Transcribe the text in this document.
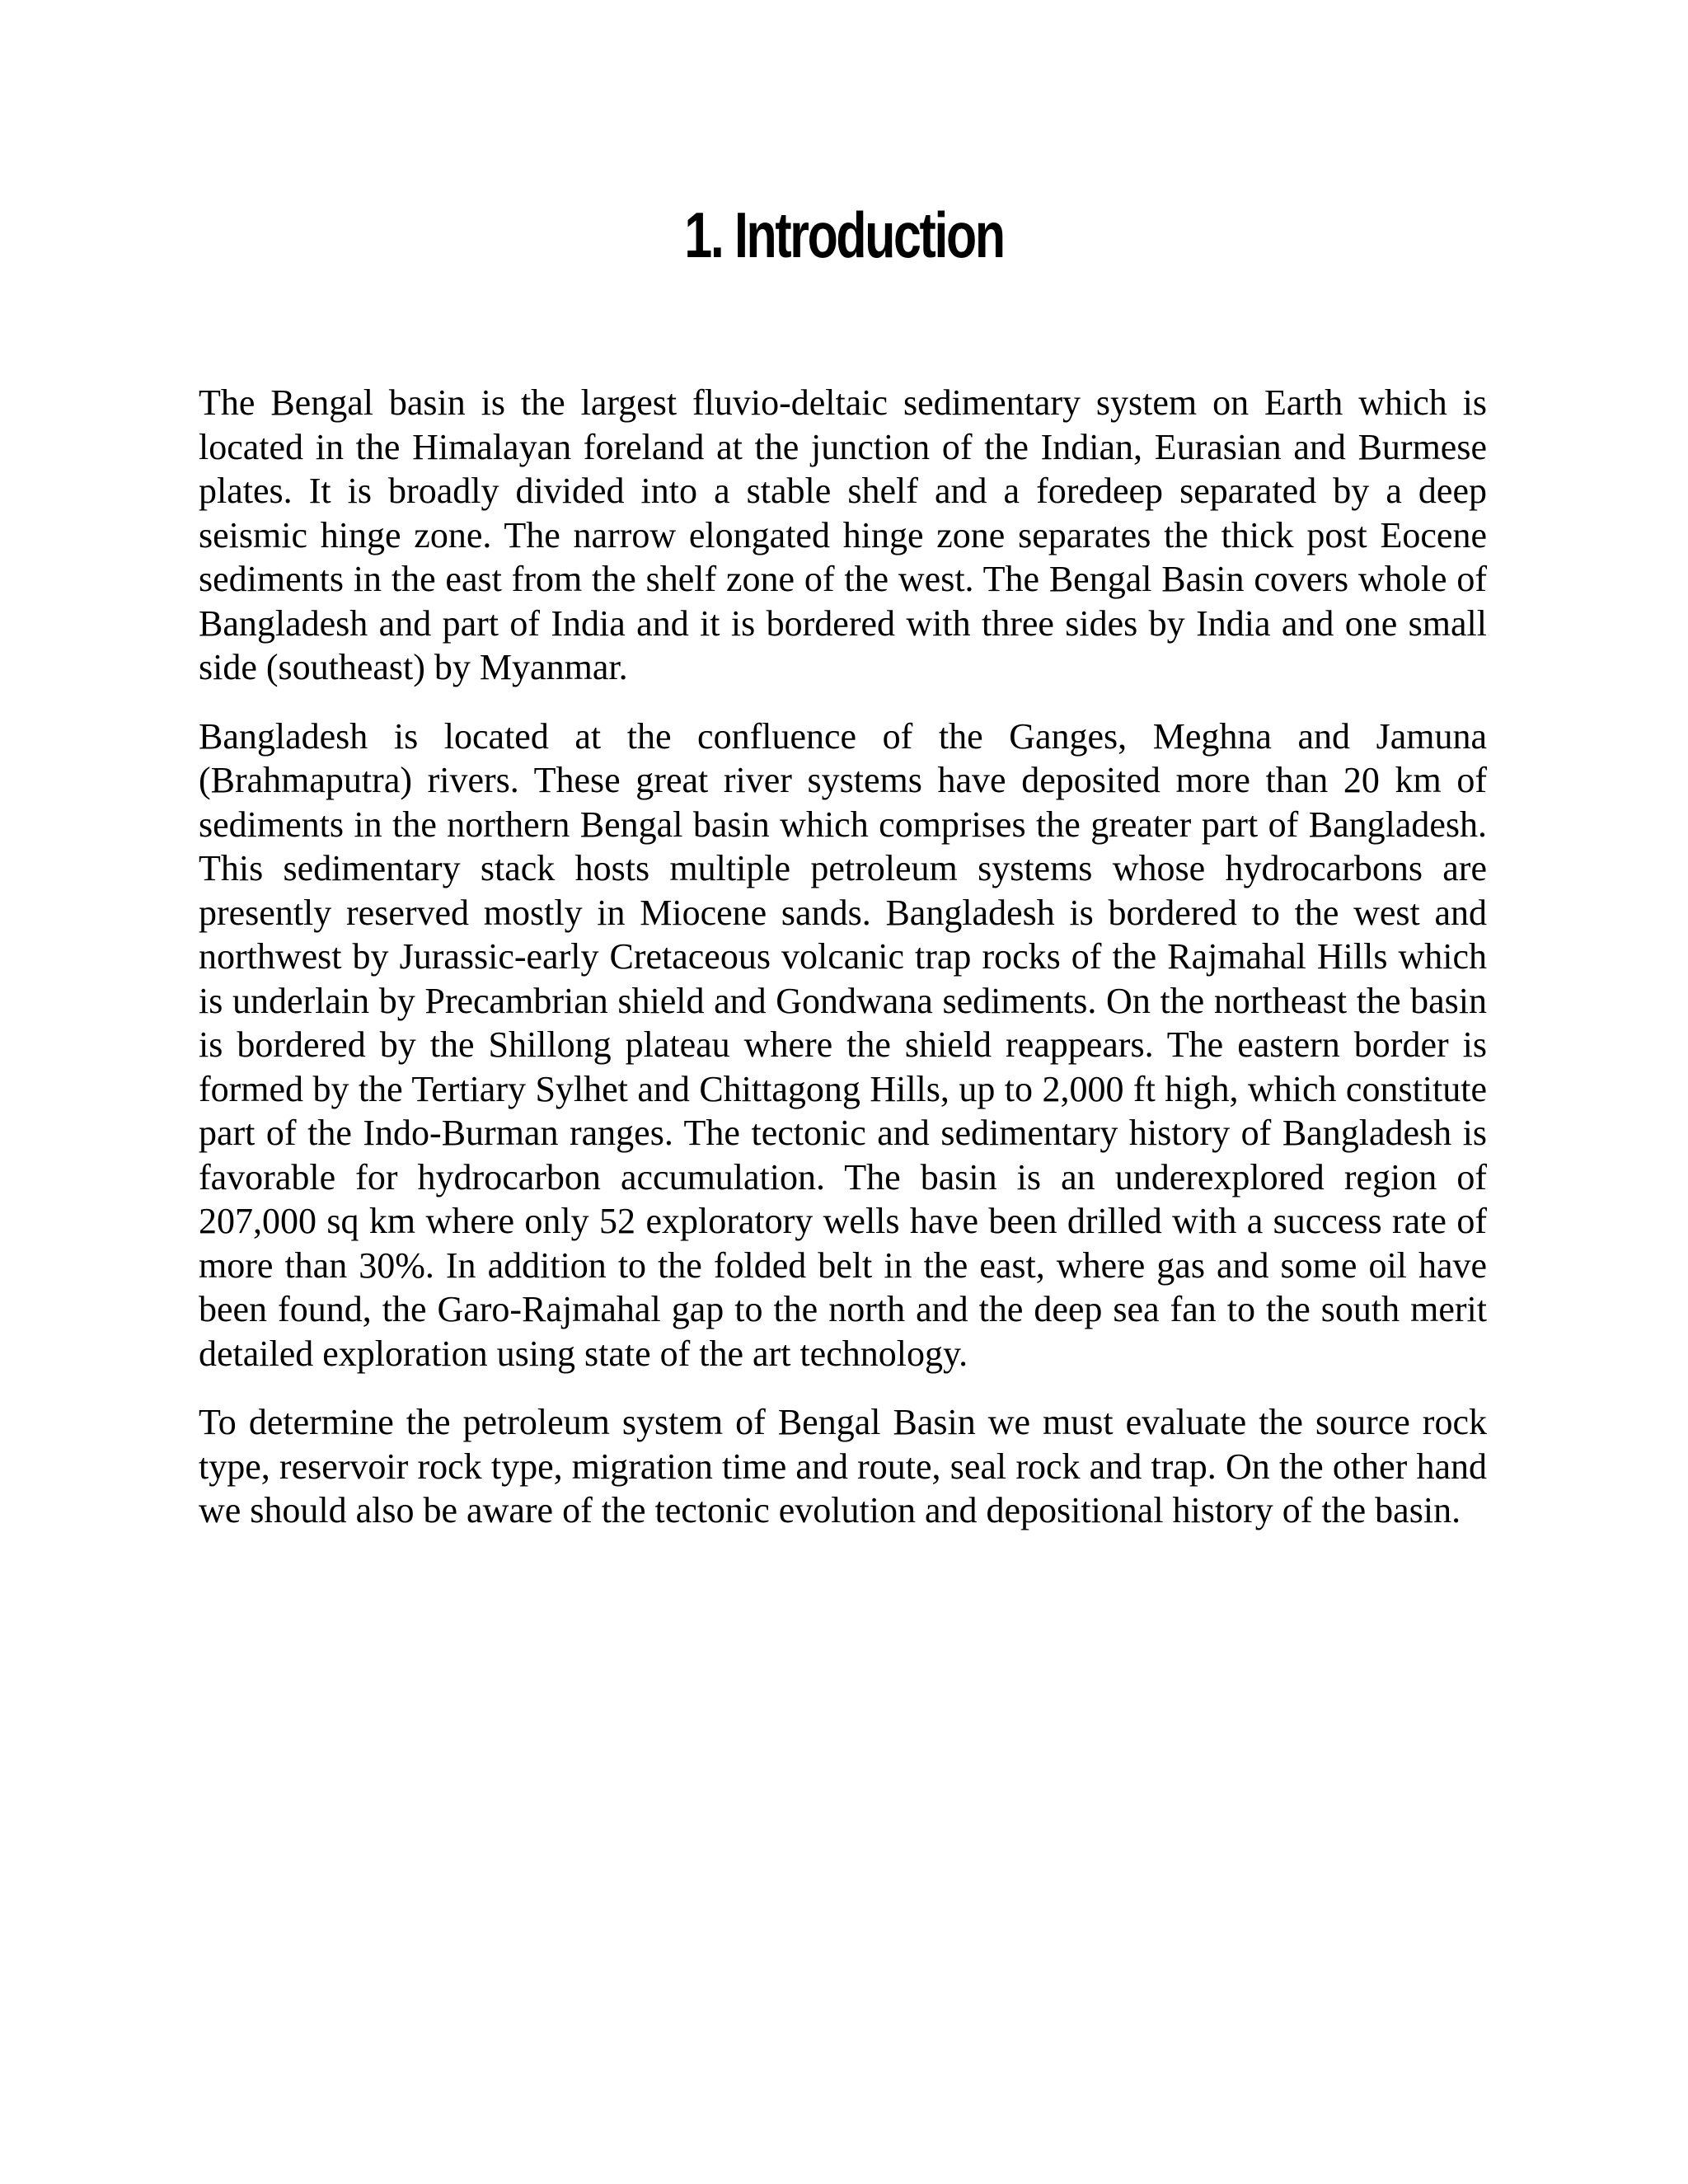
1. Introduction

The Bengal basin is the largest fluvio-deltaic sedimentary system on Earth which is located in the Himalayan foreland at the junction of the Indian, Eurasian and Burmese plates. It is broadly divided into a stable shelf and a foredeep separated by a deep seismic hinge zone. The narrow elongated hinge zone separates the thick post Eocene sediments in the east from the shelf zone of the west. The Bengal Basin covers whole of Bangladesh and part of India and it is bordered with three sides by India and one small side (southeast) by Myanmar.

Bangladesh is located at the confluence of the Ganges, Meghna and Jamuna (Brahmaputra) rivers. These great river systems have deposited more than 20 km of sediments in the northern Bengal basin which comprises the greater part of Bangladesh. This sedimentary stack hosts multiple petroleum systems whose hydrocarbons are presently reserved mostly in Miocene sands. Bangladesh is bordered to the west and northwest by Jurassic-early Cretaceous volcanic trap rocks of the Rajmahal Hills which is underlain by Precambrian shield and Gondwana sediments. On the northeast the basin is bordered by the Shillong plateau where the shield reappears. The eastern border is formed by the Tertiary Sylhet and Chittagong Hills, up to 2,000 ft high, which constitute part of the Indo-Burman ranges. The tectonic and sedimentary history of Bangladesh is favorable for hydrocarbon accumulation. The basin is an underexplored region of 207,000 sq km where only 52 exploratory wells have been drilled with a success rate of more than 30%. In addition to the folded belt in the east, where gas and some oil have been found, the Garo-Rajmahal gap to the north and the deep sea fan to the south merit detailed exploration using state of the art technology.

To determine the petroleum system of Bengal Basin we must evaluate the source rock type, reservoir rock type, migration time and route, seal rock and trap. On the other hand we should also be aware of the tectonic evolution and depositional history of the basin.
